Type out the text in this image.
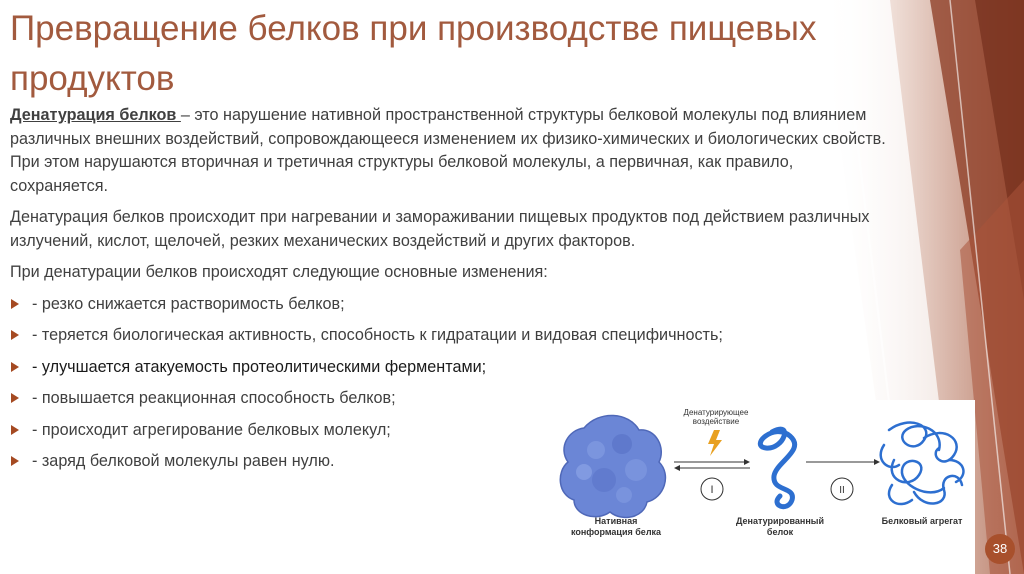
Превращение белков при производстве пищевых продуктов

Денатурация белков – это нарушение нативной пространственной структуры белковой молекулы под влиянием различных внешних воздействий, сопровождающееся изменением их физико-химических и биологических свойств. При этом нарушаются вторичная и третичная структуры белковой молекулы, а первичная, как правило, сохраняется.

Денатурация белков происходит при нагревании и замораживании пищевых продуктов под действием различных излучений, кислот, щелочей, резких механических воздействий и других факторов.

При денатурации белков происходят следующие основные изменения:

- резко снижается растворимость белков;
- теряется биологическая активность, способность к гидратации и видовая специфичность;
- улучшается атакуемость протеолитическими ферментами;
- повышается реакционная способность белков;
- происходит агрегирование белковых молекул;
- заряд белковой молекулы равен нулю.
Денатурирующее
воздействие
I	II
Нативная
конформация белка
Денатурированный
белок
Белковый агрегат
38
